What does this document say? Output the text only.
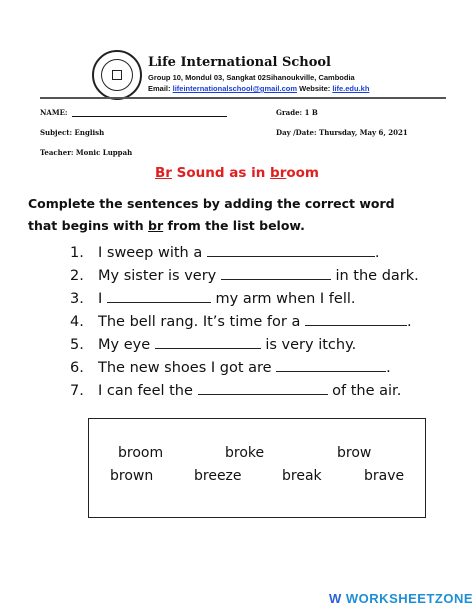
Life International School
Group 10, Mondul 03, Sangkat 02Sihanoukville, Cambodia
Email: lifeinternationalschool@gmail.com Website: life.edu.kh
NAME:	Grade: 1 B
Subject: English	Day /Date: Thursday, May 6, 2021
Teacher: Monic Luppah
Br Sound as in broom
Complete the sentences by adding the correct word that begins with br from the list below.
1. I sweep with a	.
2. My sister is very	in the dark.
3. I	my arm when I fell.
4. The bell rang. It’s time for a	.
5. My eye	is very itchy.
6. The new shoes I got are	.
7. I can feel the	of the air.
broom	broke	brow
brown	breeze	break	brave
W WORKSHEETZONE
